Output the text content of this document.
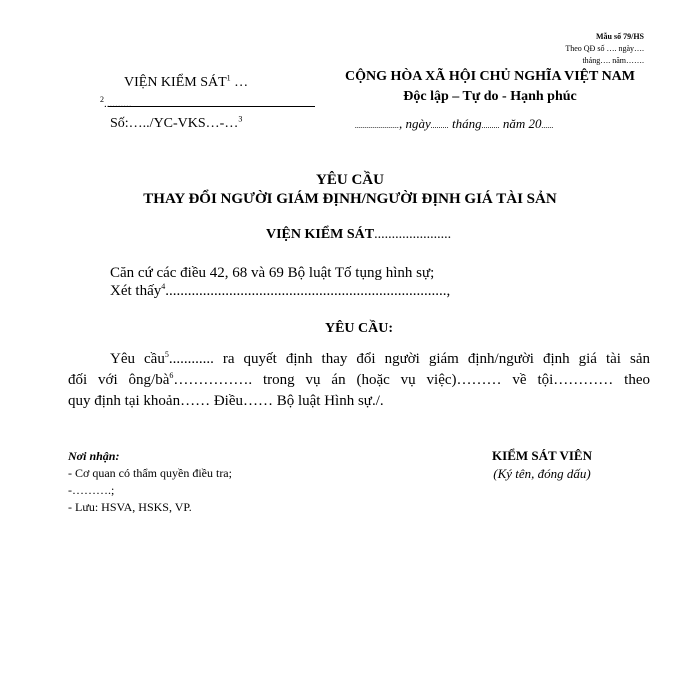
Mẫu số 79/HS
Theo QĐ số …. ngày….
tháng…. năm…….
VIỆN KIỂM SÁT$^1$ …
$^2$..........
Số:…../YC-VKS…-…$^3$
CỘNG HÒA XÃ HỘI CHỦ NGHĨA VIỆT NAM
Độc lập – Tự do - Hạnh phúc
......................, ngày......... tháng......... năm 20......
YÊU CẦU
THAY ĐỔI NGƯỜI GIÁM ĐỊNH/NGƯỜI ĐỊNH GIÁ TÀI SẢN
VIỆN KIỂM SÁT......................
Căn cứ các điều 42, 68 và 69 Bộ luật Tố tụng hình sự;
Xét thấy$^4$...........................................................................,
YÊU CẦU:
Yêu cầu$^5$............ ra quyết định thay đổi người giám định/người định giá tài sản
đối với ông/$bà^6\dots\dots\dots\dots\dots$. trong vụ án (hoặc vụ việc)……… về tội………… theo
quy định tại khoản…… Điều…… Bộ luật Hình sự./.
Nơi nhận:
- Cơ quan có thẩm quyền điều tra;
-……….;
- Lưu: HSVA, HSKS, VP.
KIỂM SÁT VIÊN
(Ký tên, đóng dấu)
